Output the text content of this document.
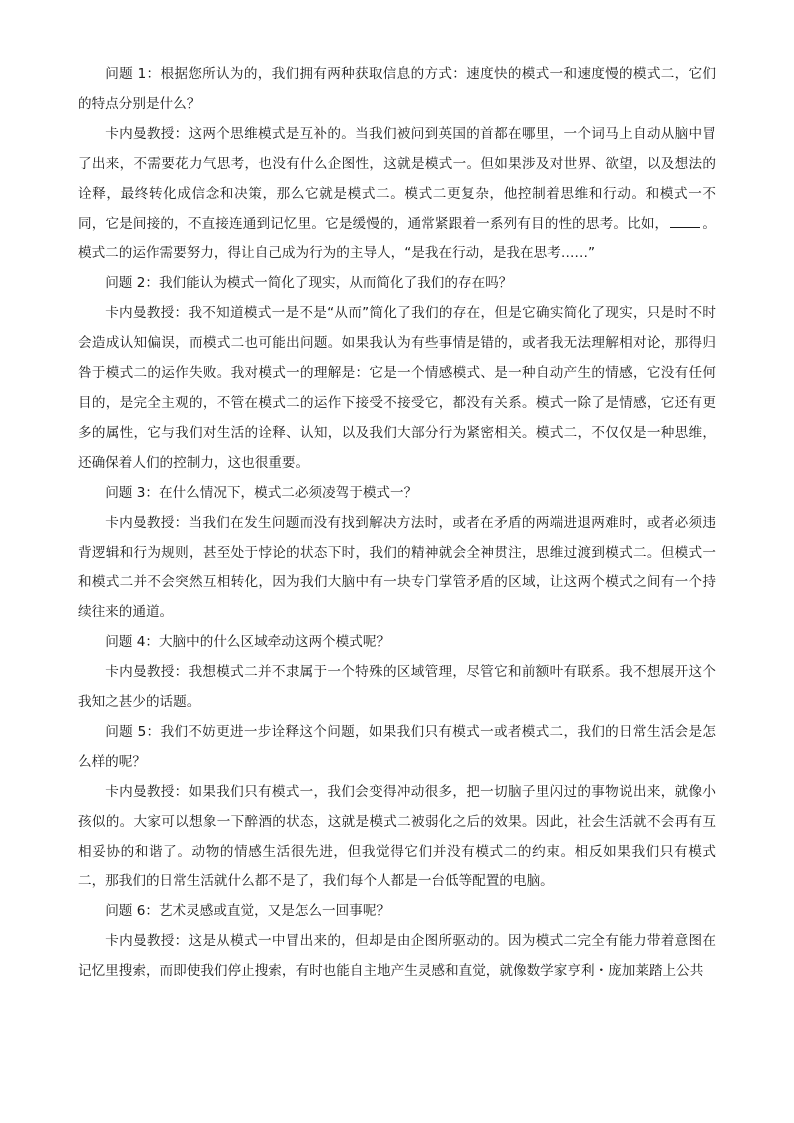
问题 1：根据您所认为的，我们拥有两种获取信息的方式：速度快的模式一和速度慢的模式二，它们的特点分别是什么？

卡内曼教授：这两个思维模式是互补的。当我们被问到英国的首都在哪里，一个词马上自动从脑中冒了出来，不需要花力气思考，也没有什么企图性，这就是模式一。但如果涉及对世界、欲望，以及想法的诠释，最终转化成信念和决策，那么它就是模式二。模式二更复杂，他控制着思维和行动。和模式一不同，它是间接的，不直接连通到记忆里。它是缓慢的，通常紧跟着一系列有目的性的思考。比如，	。模式二的运作需要努力，得让自己成为行为的主导人，“是我在行动，是我在思考……”

问题 2：我们能认为模式一简化了现实，从而简化了我们的存在吗？

卡内曼教授：我不知道模式一是不是“从而”简化了我们的存在，但是它确实简化了现实，只是时不时会造成认知偏误，而模式二也可能出问题。如果我认为有些事情是错的，或者我无法理解相对论，那得归咎于模式二的运作失败。我对模式一的理解是：它是一个情感模式、是一种自动产生的情感，它没有任何目的，是完全主观的，不管在模式二的运作下接受不接受它，都没有关系。模式一除了是情感，它还有更多的属性，它与我们对生活的诠释、认知，以及我们大部分行为紧密相关。模式二，不仅仅是一种思维，还确保着人们的控制力，这也很重要。

问题 3：在什么情况下，模式二必须凌驾于模式一？

卡内曼教授：当我们在发生问题而没有找到解决方法时，或者在矛盾的两端进退两难时，或者必须违背逻辑和行为规则，甚至处于悖论的状态下时，我们的精神就会全神贯注，思维过渡到模式二。但模式一和模式二并不会突然互相转化，因为我们大脑中有一块专门掌管矛盾的区域，让这两个模式之间有一个持续往来的通道。

问题 4：大脑中的什么区域牵动这两个模式呢？

卡内曼教授：我想模式二并不隶属于一个特殊的区域管理，尽管它和前额叶有联系。我不想展开这个我知之甚少的话题。

问题 5：我们不妨更进一步诠释这个问题，如果我们只有模式一或者模式二，我们的日常生活会是怎么样的呢？

卡内曼教授：如果我们只有模式一，我们会变得冲动很多，把一切脑子里闪过的事物说出来，就像小孩似的。大家可以想象一下醉酒的状态，这就是模式二被弱化之后的效果。因此，社会生活就不会再有互相妥协的和谐了。动物的情感生活很先进，但我觉得它们并没有模式二的约束。相反如果我们只有模式二，那我们的日常生活就什么都不是了，我们每个人都是一台低等配置的电脑。

问题 6：艺术灵感或直觉，又是怎么一回事呢？

卡内曼教授：这是从模式一中冒出来的，但却是由企图所驱动的。因为模式二完全有能力带着意图在记忆里搜索，而即使我们停止搜索，有时也能自主地产生灵感和直觉，就像数学家亨利・庞加莱踏上公共
